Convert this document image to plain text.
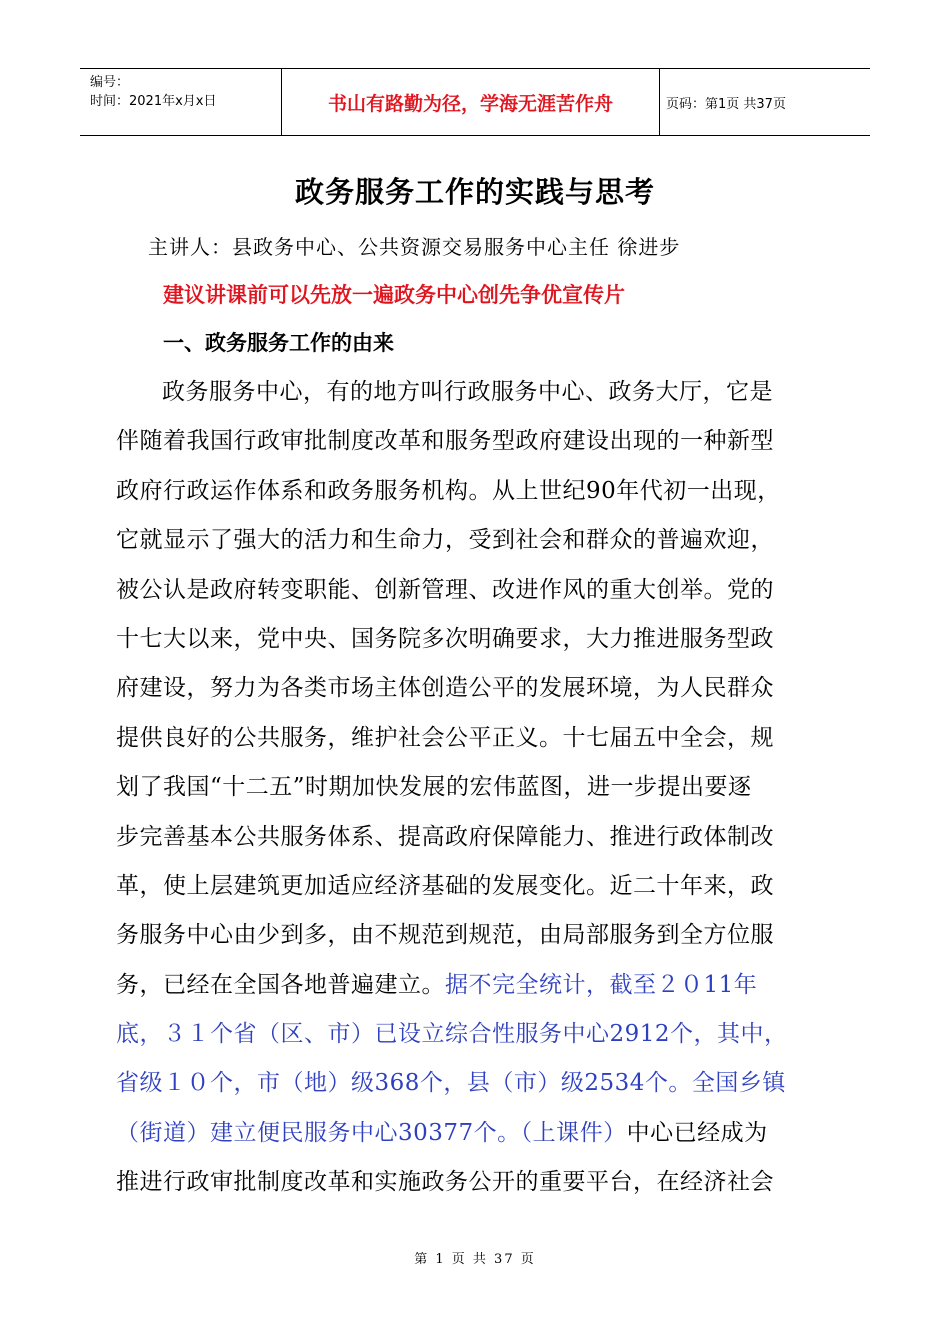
编号：
时间：2021年x月x日	书山有路勤为径，学海无涯苦作舟	页码：第1页 共37页
政务服务工作的实践与思考
主讲人：县政务中心、公共资源交易服务中心主任 徐进步
建议讲课前可以先放一遍政务中心创先争优宣传片
一、政务服务工作的由来
政务服务中心，有的地方叫行政服务中心、政务大厅，它是
伴随着我国行政审批制度改革和服务型政府建设出现的一种新型
政府行政运作体系和政务服务机构。从上世纪90年代初一出现，
它就显示了强大的活力和生命力，受到社会和群众的普遍欢迎，
被公认是政府转变职能、创新管理、改进作风的重大创举。党的
十七大以来，党中央、国务院多次明确要求，大力推进服务型政
府建设，努力为各类市场主体创造公平的发展环境，为人民群众
提供良好的公共服务，维护社会公平正义。十七届五中全会，规
划了我国“十二五”时期加快发展的宏伟蓝图，进一步提出要逐
步完善基本公共服务体系、提高政府保障能力、推进行政体制改
革，使上层建筑更加适应经济基础的发展变化。近二十年来，政
务服务中心由少到多，由不规范到规范，由局部服务到全方位服
务，已经在全国各地普遍建立。据不完全统计，截至２０11年
底，３１个省（区、市）已设立综合性服务中心2912个，其中，
省级１０个，市（地）级368个，县（市）级2534个。全国乡镇
（街道）建立便民服务中心30377个。（上课件）中心已经成为
推进行政审批制度改革和实施政务公开的重要平台，在经济社会
第 1 页 共 37 页
